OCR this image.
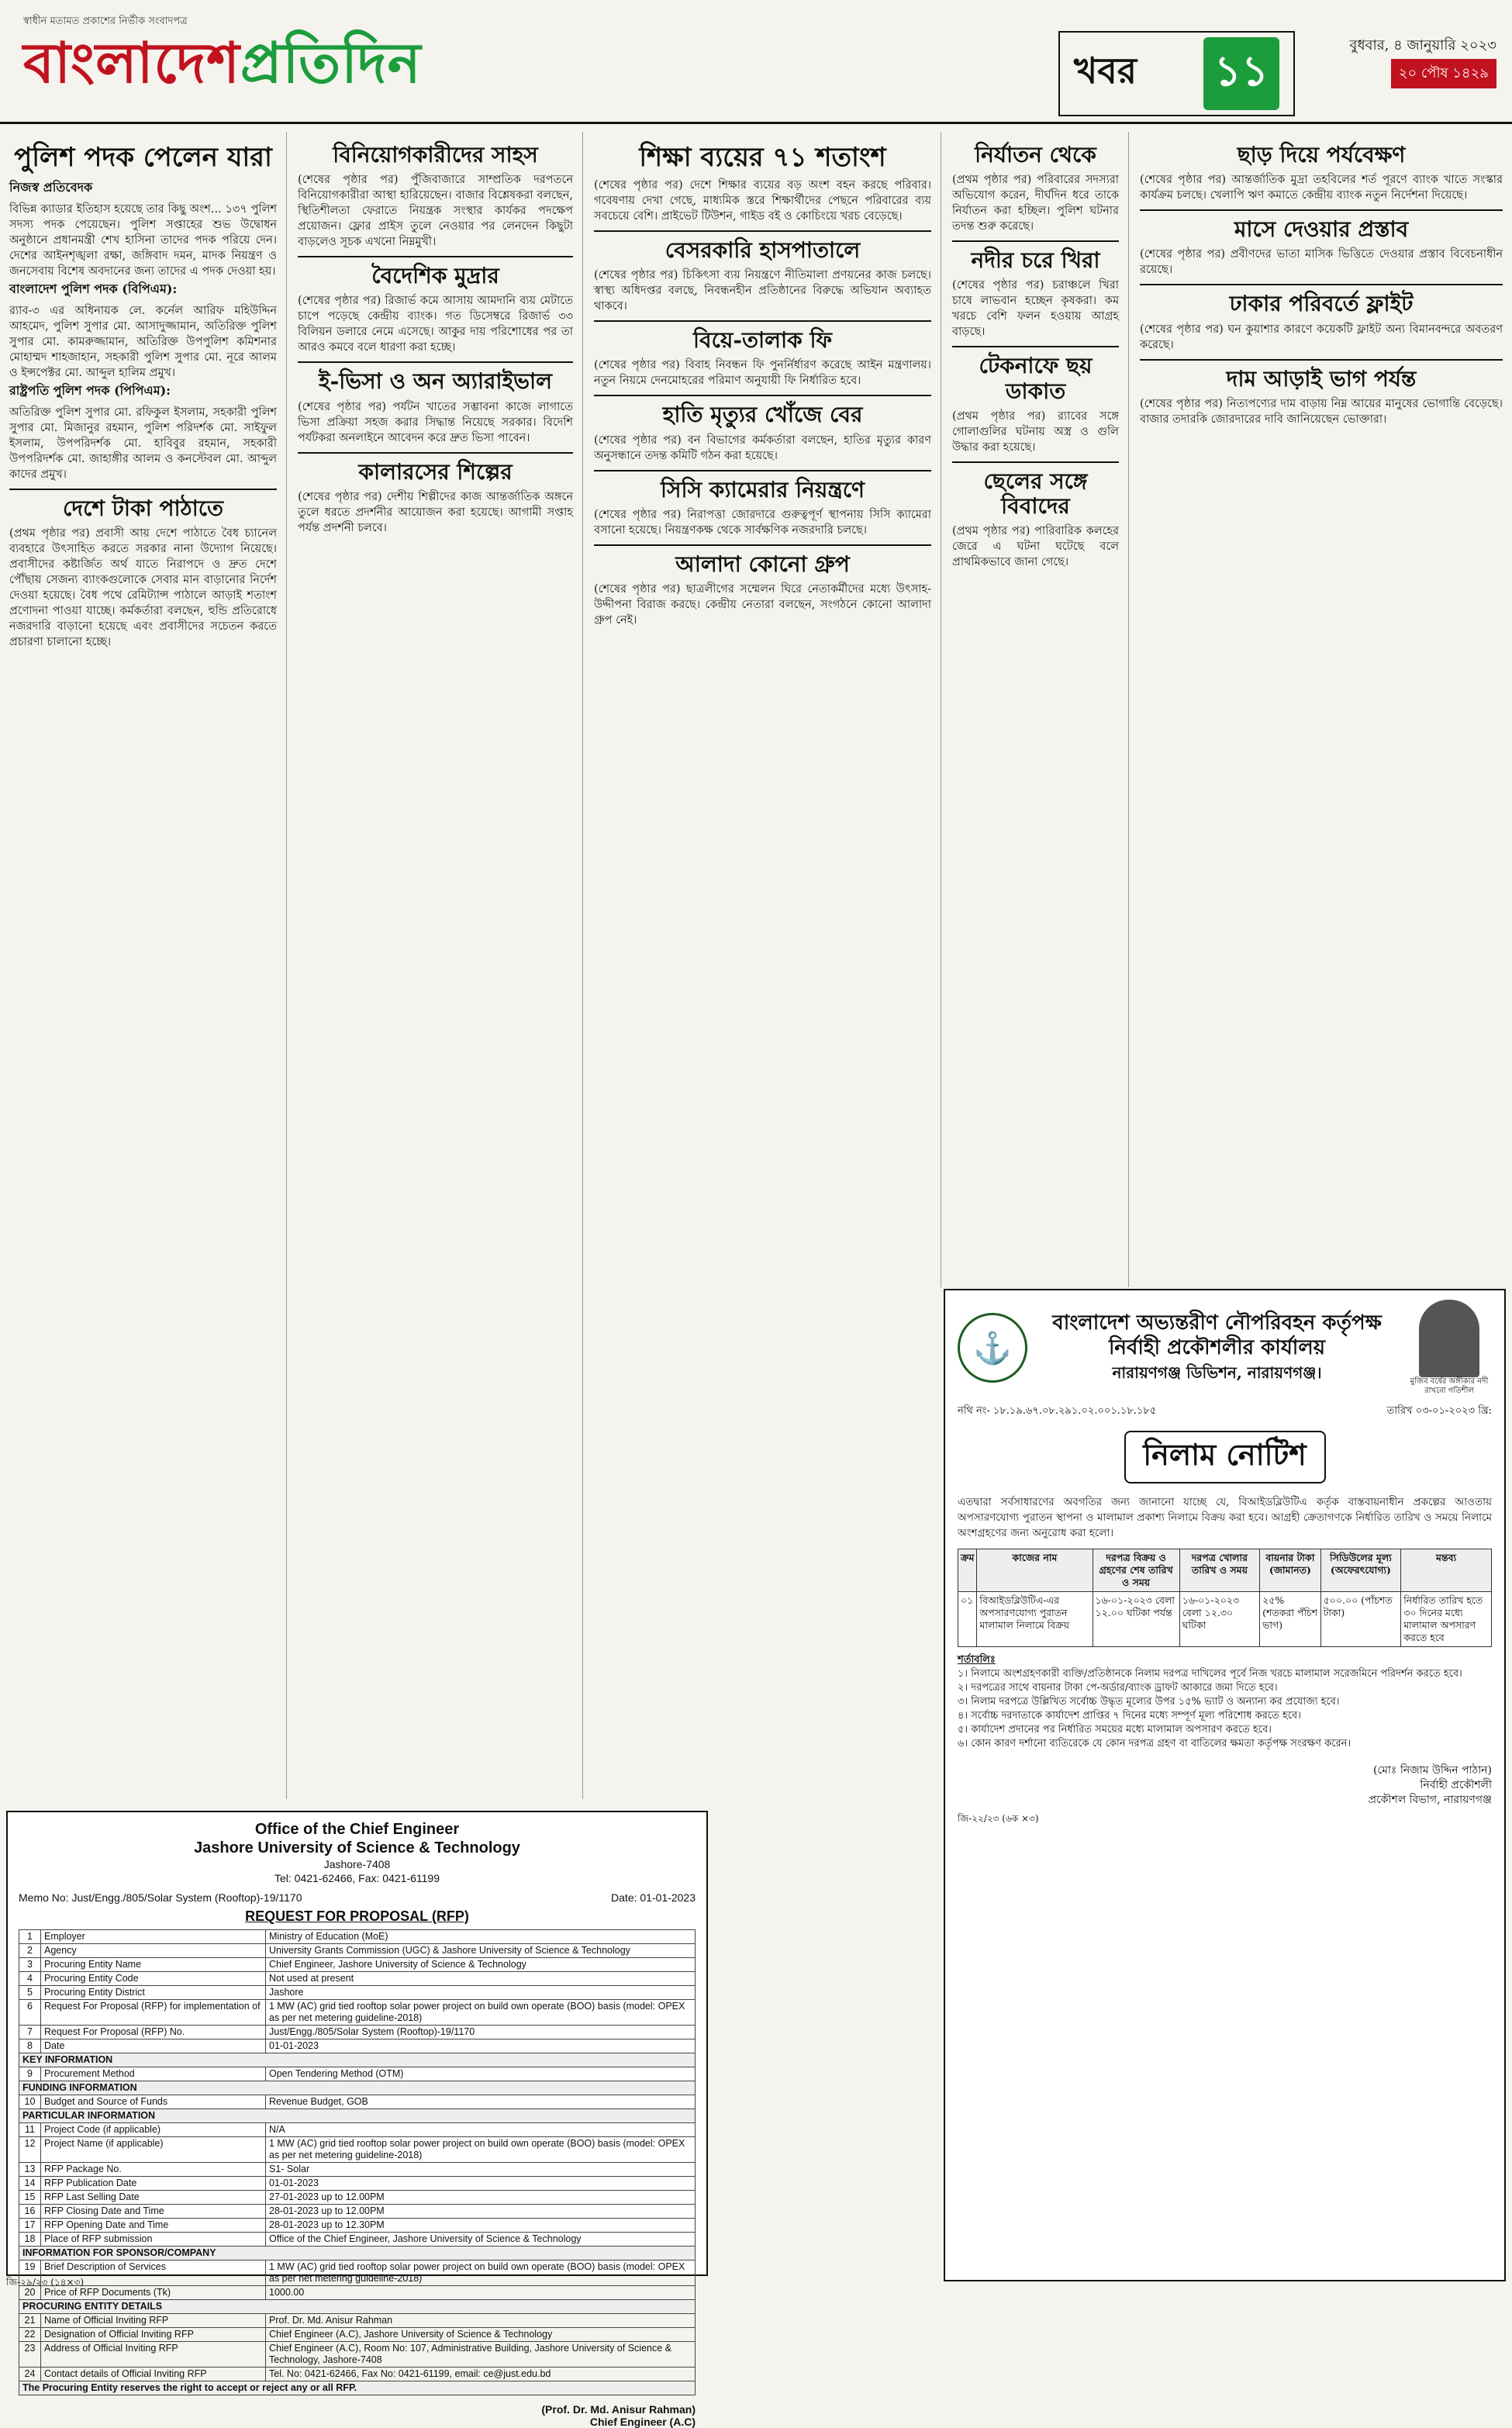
স্বাধীন মতামত প্রকাশের নির্ভীক সংবাদপত্র
বাংলাদেশপ্রতিদিন	খবর ১১
বুধবার, ৪ জানুয়ারি ২০২৩
২০ পৌষ ১৪২৯
পুলিশ পদক পেলেন যারা
নিজস্ব প্রতিবেদক

বিভিন্ন ক্যাডার ইতিহাস হয়েছে তার কিছু অংশ... ১৩৭ পুলিশ সদস্য পদক পেয়েছেন। পুলিশ সপ্তাহের শুভ উদ্বোধন অনুষ্ঠানে প্রধানমন্ত্রী শেখ হাসিনা তাদের পদক পরিয়ে দেন। দেশের আইনশৃঙ্খলা রক্ষা, জঙ্গিবাদ দমন, মাদক নিয়ন্ত্রণ ও জনসেবায় বিশেষ অবদানের জন্য তাদের এ পদক দেওয়া হয়।

বাংলাদেশ পুলিশ পদক (বিপিএম):

র‍্যাব-৩ এর অধিনায়ক লে. কর্নেল আরিফ মহিউদ্দিন আহমেদ, পুলিশ সুপার মো. আসাদুজ্জামান, অতিরিক্ত পুলিশ সুপার মো. কামরুজ্জামান, অতিরিক্ত উপপুলিশ কমিশনার মোহাম্মদ শাহজাহান, সহকারী পুলিশ সুপার মো. নূরে আলম ও ইন্সপেক্টর মো. আব্দুল হালিম প্রমুখ।

রাষ্ট্রপতি পুলিশ পদক (পিপিএম):

অতিরিক্ত পুলিশ সুপার মো. রফিকুল ইসলাম, সহকারী পুলিশ সুপার মো. মিজানুর রহমান, পুলিশ পরিদর্শক মো. সাইফুল ইসলাম, উপপরিদর্শক মো. হাবিবুর রহমান, সহকারী উপপরিদর্শক মো. জাহাঙ্গীর আলম ও কনস্টেবল মো. আব্দুল কাদের প্রমুখ।

দেশে টাকা পাঠাতে

(প্রথম পৃষ্ঠার পর) প্রবাসী আয় দেশে পাঠাতে বৈধ চ্যানেল ব্যবহারে উৎসাহিত করতে সরকার নানা উদ্যোগ নিয়েছে। প্রবাসীদের কষ্টার্জিত অর্থ যাতে নিরাপদে ও দ্রুত দেশে পৌঁছায় সেজন্য ব্যাংকগুলোকে সেবার মান বাড়ানোর নির্দেশ দেওয়া হয়েছে। বৈধ পথে রেমিট্যান্স পাঠালে আড়াই শতাংশ প্রণোদনা পাওয়া যাচ্ছে। কর্মকর্তারা বলছেন, হুন্ডি প্রতিরোধে নজরদারি বাড়ানো হয়েছে এবং প্রবাসীদের সচেতন করতে প্রচারণা চালানো হচ্ছে।

বিনিয়োগকারীদের সাহস

(শেষের পৃষ্ঠার পর) পুঁজিবাজারে সাম্প্রতিক দরপতনে বিনিয়োগকারীরা আস্থা হারিয়েছেন। বাজার বিশ্লেষকরা বলছেন, স্থিতিশীলতা ফেরাতে নিয়ন্ত্রক সংস্থার কার্যকর পদক্ষেপ প্রয়োজন। ফ্লোর প্রাইস তুলে নেওয়ার পর লেনদেন কিছুটা বাড়লেও সূচক এখনো নিম্নমুখী।

বৈদেশিক মুদ্রার

(শেষের পৃষ্ঠার পর) রিজার্ভ কমে আসায় আমদানি ব্যয় মেটাতে চাপে পড়েছে কেন্দ্রীয় ব্যাংক। গত ডিসেম্বরে রিজার্ভ ৩৩ বিলিয়ন ডলারে নেমে এসেছে। আকুর দায় পরিশোধের পর তা আরও কমবে বলে ধারণা করা হচ্ছে।

ই-ভিসা ও অন অ্যারাইভাল

(শেষের পৃষ্ঠার পর) পর্যটন খাতের সম্ভাবনা কাজে লাগাতে ভিসা প্রক্রিয়া সহজ করার সিদ্ধান্ত নিয়েছে সরকার। বিদেশি পর্যটকরা অনলাইনে আবেদন করে দ্রুত ভিসা পাবেন।

কালারসের শিল্পের

(শেষের পৃষ্ঠার পর) দেশীয় শিল্পীদের কাজ আন্তর্জাতিক অঙ্গনে তুলে ধরতে প্রদর্শনীর আয়োজন করা হয়েছে। আগামী সপ্তাহ পর্যন্ত প্রদর্শনী চলবে।

শিক্ষা ব্যয়ের ৭১ শতাংশ

(শেষের পৃষ্ঠার পর) দেশে শিক্ষার ব্যয়ের বড় অংশ বহন করছে পরিবার। গবেষণায় দেখা গেছে, মাধ্যমিক স্তরে শিক্ষার্থীদের পেছনে পরিবারের ব্যয় সবচেয়ে বেশি। প্রাইভেট টিউশন, গাইড বই ও কোচিংয়ে খরচ বেড়েছে।

বেসরকারি হাসপাতালে

(শেষের পৃষ্ঠার পর) চিকিৎসা ব্যয় নিয়ন্ত্রণে নীতিমালা প্রণয়নের কাজ চলছে। স্বাস্থ্য অধিদপ্তর বলছে, নিবন্ধনহীন প্রতিষ্ঠানের বিরুদ্ধে অভিযান অব্যাহত থাকবে।

বিয়ে-তালাক ফি

(শেষের পৃষ্ঠার পর) বিবাহ নিবন্ধন ফি পুনর্নির্ধারণ করেছে আইন মন্ত্রণালয়। নতুন নিয়মে দেনমোহরের পরিমাণ অনুযায়ী ফি নির্ধারিত হবে।

হাতি মৃত্যুর খোঁজে বের

(শেষের পৃষ্ঠার পর) বন বিভাগের কর্মকর্তারা বলছেন, হাতির মৃত্যুর কারণ অনুসন্ধানে তদন্ত কমিটি গঠন করা হয়েছে।

সিসি ক্যামেরার নিয়ন্ত্রণে

(শেষের পৃষ্ঠার পর) নিরাপত্তা জোরদারে গুরুত্বপূর্ণ স্থাপনায় সিসি ক্যামেরা বসানো হয়েছে। নিয়ন্ত্রণকক্ষ থেকে সার্বক্ষণিক নজরদারি চলছে।

আলাদা কোনো গ্রুপ

(শেষের পৃষ্ঠার পর) ছাত্রলীগের সম্মেলন ঘিরে নেতাকর্মীদের মধ্যে উৎসাহ-উদ্দীপনা বিরাজ করছে। কেন্দ্রীয় নেতারা বলছেন, সংগঠনে কোনো আলাদা গ্রুপ নেই।

নির্যাতন থেকে

(প্রথম পৃষ্ঠার পর) পরিবারের সদস্যরা অভিযোগ করেন, দীর্ঘদিন ধরে তাকে নির্যাতন করা হচ্ছিল। পুলিশ ঘটনার তদন্ত শুরু করেছে।

নদীর চরে খিরা

(শেষের পৃষ্ঠার পর) চরাঞ্চলে খিরা চাষে লাভবান হচ্ছেন কৃষকরা। কম খরচে বেশি ফলন হওয়ায় আগ্রহ বাড়ছে।

টেকনাফে ছয় ডাকাত

(প্রথম পৃষ্ঠার পর) র‍্যাবের সঙ্গে গোলাগুলির ঘটনায় অস্ত্র ও গুলি উদ্ধার করা হয়েছে।

ছেলের সঙ্গে বিবাদের

(প্রথম পৃষ্ঠার পর) পারিবারিক কলহের জেরে এ ঘটনা ঘটেছে বলে প্রাথমিকভাবে জানা গেছে।

ছাড় দিয়ে পর্যবেক্ষণ

(শেষের পৃষ্ঠার পর) আন্তর্জাতিক মুদ্রা তহবিলের শর্ত পূরণে ব্যাংক খাতে সংস্কার কার্যক্রম চলছে। খেলাপি ঋণ কমাতে কেন্দ্রীয় ব্যাংক নতুন নির্দেশনা দিয়েছে।

মাসে দেওয়ার প্রস্তাব

(শেষের পৃষ্ঠার পর) প্রবীণদের ভাতা মাসিক ভিত্তিতে দেওয়ার প্রস্তাব বিবেচনাধীন রয়েছে।

ঢাকার পরিবর্তে ফ্লাইট

(শেষের পৃষ্ঠার পর) ঘন কুয়াশার কারণে কয়েকটি ফ্লাইট অন্য বিমানবন্দরে অবতরণ করেছে।

দাম আড়াই ভাগ পর্যন্ত

(শেষের পৃষ্ঠার পর) নিত্যপণ্যের দাম বাড়ায় নিম্ন আয়ের মানুষের ভোগান্তি বেড়েছে। বাজার তদারকি জোরদারের দাবি জানিয়েছেন ভোক্তারা।

Office of the Chief Engineer
Jashore University of Science & Technology
Jashore-7408
Tel: 0421-62466, Fax: 0421-61199
Memo No: Just/Engg./805/Solar System (Rooftop)-19/1170	Date: 01-01-2023
REQUEST FOR PROPOSAL (RFP)
1	Employer	Ministry of Education (MoE)
2	Agency	University Grants Commission (UGC) & Jashore University of Science & Technology
3	Procuring Entity Name	Chief Engineer, Jashore University of Science & Technology
4	Procuring Entity Code	Not used at present
5	Procuring Entity District	Jashore
6	Request For Proposal (RFP) for implementation of	1 MW (AC) grid tied rooftop solar power project on build own operate (BOO) basis (model: OPEX as per net metering guideline-2018)
7	Request For Proposal (RFP) No.	Just/Engg./805/Solar System (Rooftop)-19/1170
8	Date	01-01-2023
KEY INFORMATION		
9	Procurement Method	Open Tendering Method (OTM)
FUNDING INFORMATION		
10	Budget and Source of Funds	Revenue Budget, GOB
PARTICULAR INFORMATION		
11	Project Code (if applicable)	N/A
12	Project Name (if applicable)	1 MW (AC) grid tied rooftop solar power project on build own operate (BOO) basis (model: OPEX as per net metering guideline-2018)
13	RFP Package No.	S1- Solar
14	RFP Publication Date	01-01-2023
15	RFP Last Selling Date	27-01-2023 up to 12.00PM
16	RFP Closing Date and Time	28-01-2023 up to 12.00PM
17	RFP Opening Date and Time	28-01-2023 up to 12.30PM
18	Place of RFP submission	Office of the Chief Engineer, Jashore University of Science & Technology
INFORMATION FOR SPONSOR/COMPANY		
19	Brief Description of Services	1 MW (AC) grid tied rooftop solar power project on build own operate (BOO) basis (model: OPEX as per net metering guideline-2018)
20	Price of RFP Documents (Tk)	1000.00
PROCURING ENTITY DETAILS		
21	Name of Official Inviting RFP	Prof. Dr. Md. Anisur Rahman
22	Designation of Official Inviting RFP	Chief Engineer (A.C), Jashore University of Science & Technology
23	Address of Official Inviting RFP	Chief Engineer (A.C), Room No: 107, Administrative Building, Jashore University of Science & Technology, Jashore-7408
24	Contact details of Official Inviting RFP	Tel. No: 0421-62466, Fax No: 0421-61199, email: ce@just.edu.bd
The Procuring Entity reserves the right to accept or reject any or all RFP.		
(Prof. Dr. Md. Anisur Rahman)
Chief Engineer (A.C)
জি-২৯/২৩ (১৪×৩)
⚓
বাংলাদেশ অভ্যন্তরীণ নৌপরিবহন কর্তৃপক্ষ
নির্বাহী প্রকৌশলীর কার্যালয়
নারায়ণগঞ্জ ডিভিশন, নারায়ণগঞ্জ।	মুজিব বর্ষের অঙ্গীকার নদী রাখবো গতিশীল
নথি নং- ১৮.১৯.৬৭.০৮.২৯১.০২.০০১.১৮.১৮৫	তারিখ ০৩-০১-২০২৩ খ্রি:
নিলাম নোটিশ

এতদ্বারা সর্বসাধারণের অবগতির জন্য জানানো যাচ্ছে যে, বিআইডব্লিউটিএ কর্তৃক বাস্তবায়নাধীন প্রকল্পের আওতায় অপসারণযোগ্য পুরাতন স্থাপনা ও মালামাল প্রকাশ্য নিলামে বিক্রয় করা হবে। আগ্রহী ক্রেতাগণকে নির্ধারিত তারিখ ও সময়ে নিলামে অংশগ্রহণের জন্য অনুরোধ করা হলো।

ক্রম	কাজের নাম	দরপত্র বিক্রয় ও গ্রহণের শেষ তারিখ ও সময়	দরপত্র খোলার তারিখ ও সময়	বায়নার টাকা (জামানত)	সিডিউলের মূল্য (অফেরৎযোগ্য)	মন্তব্য
০১	বিআইডব্লিউটিএ-এর অপসারণযোগ্য পুরাতন মালামাল নিলামে বিক্রয়	১৬-০১-২০২৩ বেলা ১২.০০ ঘটিকা পর্যন্ত	১৬-০১-২০২৩ বেলা ১২.৩০ ঘটিকা	২৫% (শতকরা পঁচিশ ভাগ)	৫০০.০০ (পাঁচশত টাকা)	নির্ধারিত তারিখ হতে ৩০ দিনের মধ্যে মালামাল অপসারণ করতে হবে
শর্তাবলিঃ
১। নিলামে অংশগ্রহণকারী ব্যক্তি/প্রতিষ্ঠানকে নিলাম দরপত্র দাখিলের পূর্বে নিজ খরচে মালামাল সরেজমিনে পরিদর্শন করতে হবে।
২। দরপত্রের সাথে বায়নার টাকা পে-অর্ডার/ব্যাংক ড্রাফট আকারে জমা দিতে হবে।
৩। নিলাম দরপত্রে উল্লিখিত সর্বোচ্চ উদ্ধৃত মূল্যের উপর ১৫% ভ্যাট ও অন্যান্য কর প্রযোজ্য হবে।
৪। সর্বোচ্চ দরদাতাকে কার্যাদেশ প্রাপ্তির ৭ দিনের মধ্যে সম্পূর্ণ মূল্য পরিশোধ করতে হবে।
৫। কার্যাদেশ প্রদানের পর নির্ধারিত সময়ের মধ্যে মালামাল অপসারণ করতে হবে।
৬। কোন কারণ দর্শানো ব্যতিরেকে যে কোন দরপত্র গ্রহণ বা বাতিলের ক্ষমতা কর্তৃপক্ষ সংরক্ষণ করেন।
(মোঃ নিজাম উদ্দিন পাঠান)
নির্বাহী প্রকৌশলী
প্রকৌশল বিভাগ, নারায়ণগঞ্জ
জি-২২/২৩ (৬ক ×৩)
